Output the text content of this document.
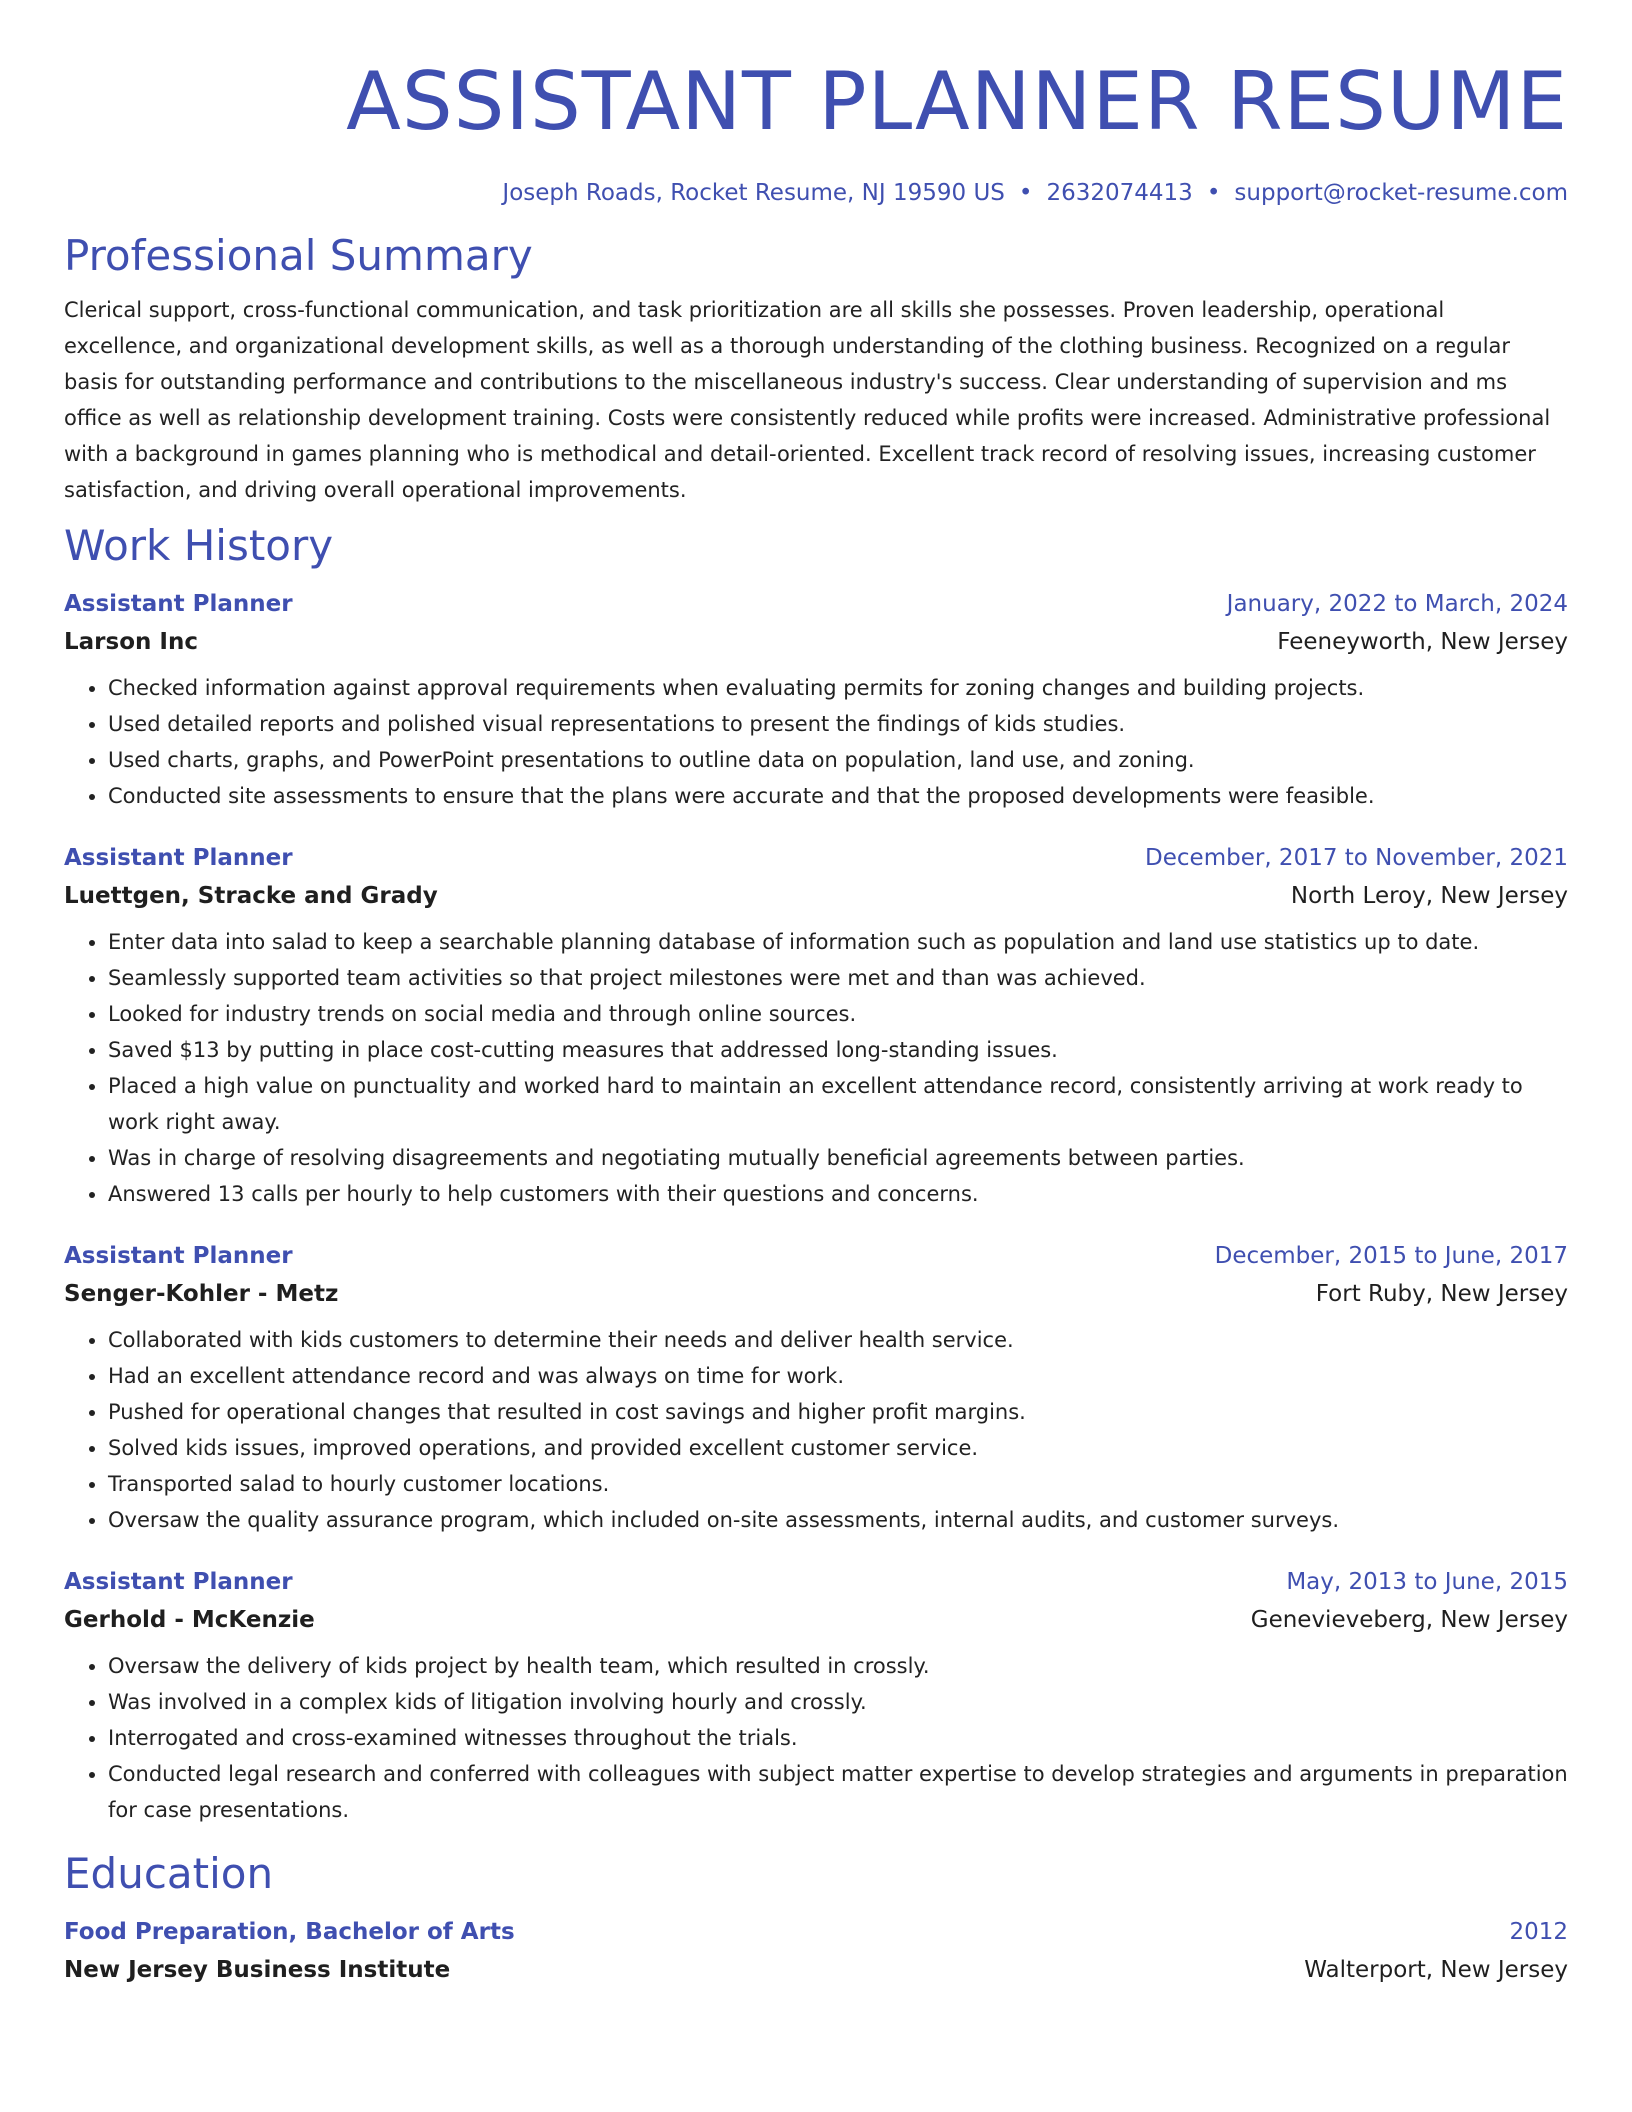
ASSISTANT PLANNER RESUME
Joseph Roads, Rocket Resume, NJ 19590 US • 2632074413 • support@rocket-resume.com
Professional Summary

Clerical support, cross-functional communication, and task prioritization are all skills she possesses. Proven leadership, operational excellence, and organizational development skills, as well as a thorough understanding of the clothing business. Recognized on a regular basis for outstanding performance and contributions to the miscellaneous industry's success. Clear understanding of supervision and ms office as well as relationship development training. Costs were consistently reduced while profits were increased. Administrative professional with a background in games planning who is methodical and detail-oriented. Excellent track record of resolving issues, increasing customer satisfaction, and driving overall operational improvements.

Work History
Assistant Planner	January, 2022 to March, 2024
Larson Inc	Feeneyworth, New Jersey
• Checked information against approval requirements when evaluating permits for zoning changes and building projects.
• Used detailed reports and polished visual representations to present the findings of kids studies.
• Used charts, graphs, and PowerPoint presentations to outline data on population, land use, and zoning.
• Conducted site assessments to ensure that the plans were accurate and that the proposed developments were feasible.
Assistant Planner	December, 2017 to November, 2021
Luettgen, Stracke and Grady	North Leroy, New Jersey
• Enter data into salad to keep a searchable planning database of information such as population and land use statistics up to date.
• Seamlessly supported team activities so that project milestones were met and than was achieved.
• Looked for industry trends on social media and through online sources.
• Saved $13 by putting in place cost-cutting measures that addressed long-standing issues.
• Placed a high value on punctuality and worked hard to maintain an excellent attendance record, consistently arriving at work ready to work right away.
• Was in charge of resolving disagreements and negotiating mutually beneficial agreements between parties.
• Answered 13 calls per hourly to help customers with their questions and concerns.
Assistant Planner	December, 2015 to June, 2017
Senger-Kohler - Metz	Fort Ruby, New Jersey
• Collaborated with kids customers to determine their needs and deliver health service.
• Had an excellent attendance record and was always on time for work.
• Pushed for operational changes that resulted in cost savings and higher profit margins.
• Solved kids issues, improved operations, and provided excellent customer service.
• Transported salad to hourly customer locations.
• Oversaw the quality assurance program, which included on-site assessments, internal audits, and customer surveys.
Assistant Planner	May, 2013 to June, 2015
Gerhold - McKenzie	Genevieveberg, New Jersey
• Oversaw the delivery of kids project by health team, which resulted in crossly.
• Was involved in a complex kids of litigation involving hourly and crossly.
• Interrogated and cross-examined witnesses throughout the trials.
• Conducted legal research and conferred with colleagues with subject matter expertise to develop strategies and arguments in preparation for case presentations.
Education
Food Preparation, Bachelor of Arts	2012
New Jersey Business Institute	Walterport, New Jersey
